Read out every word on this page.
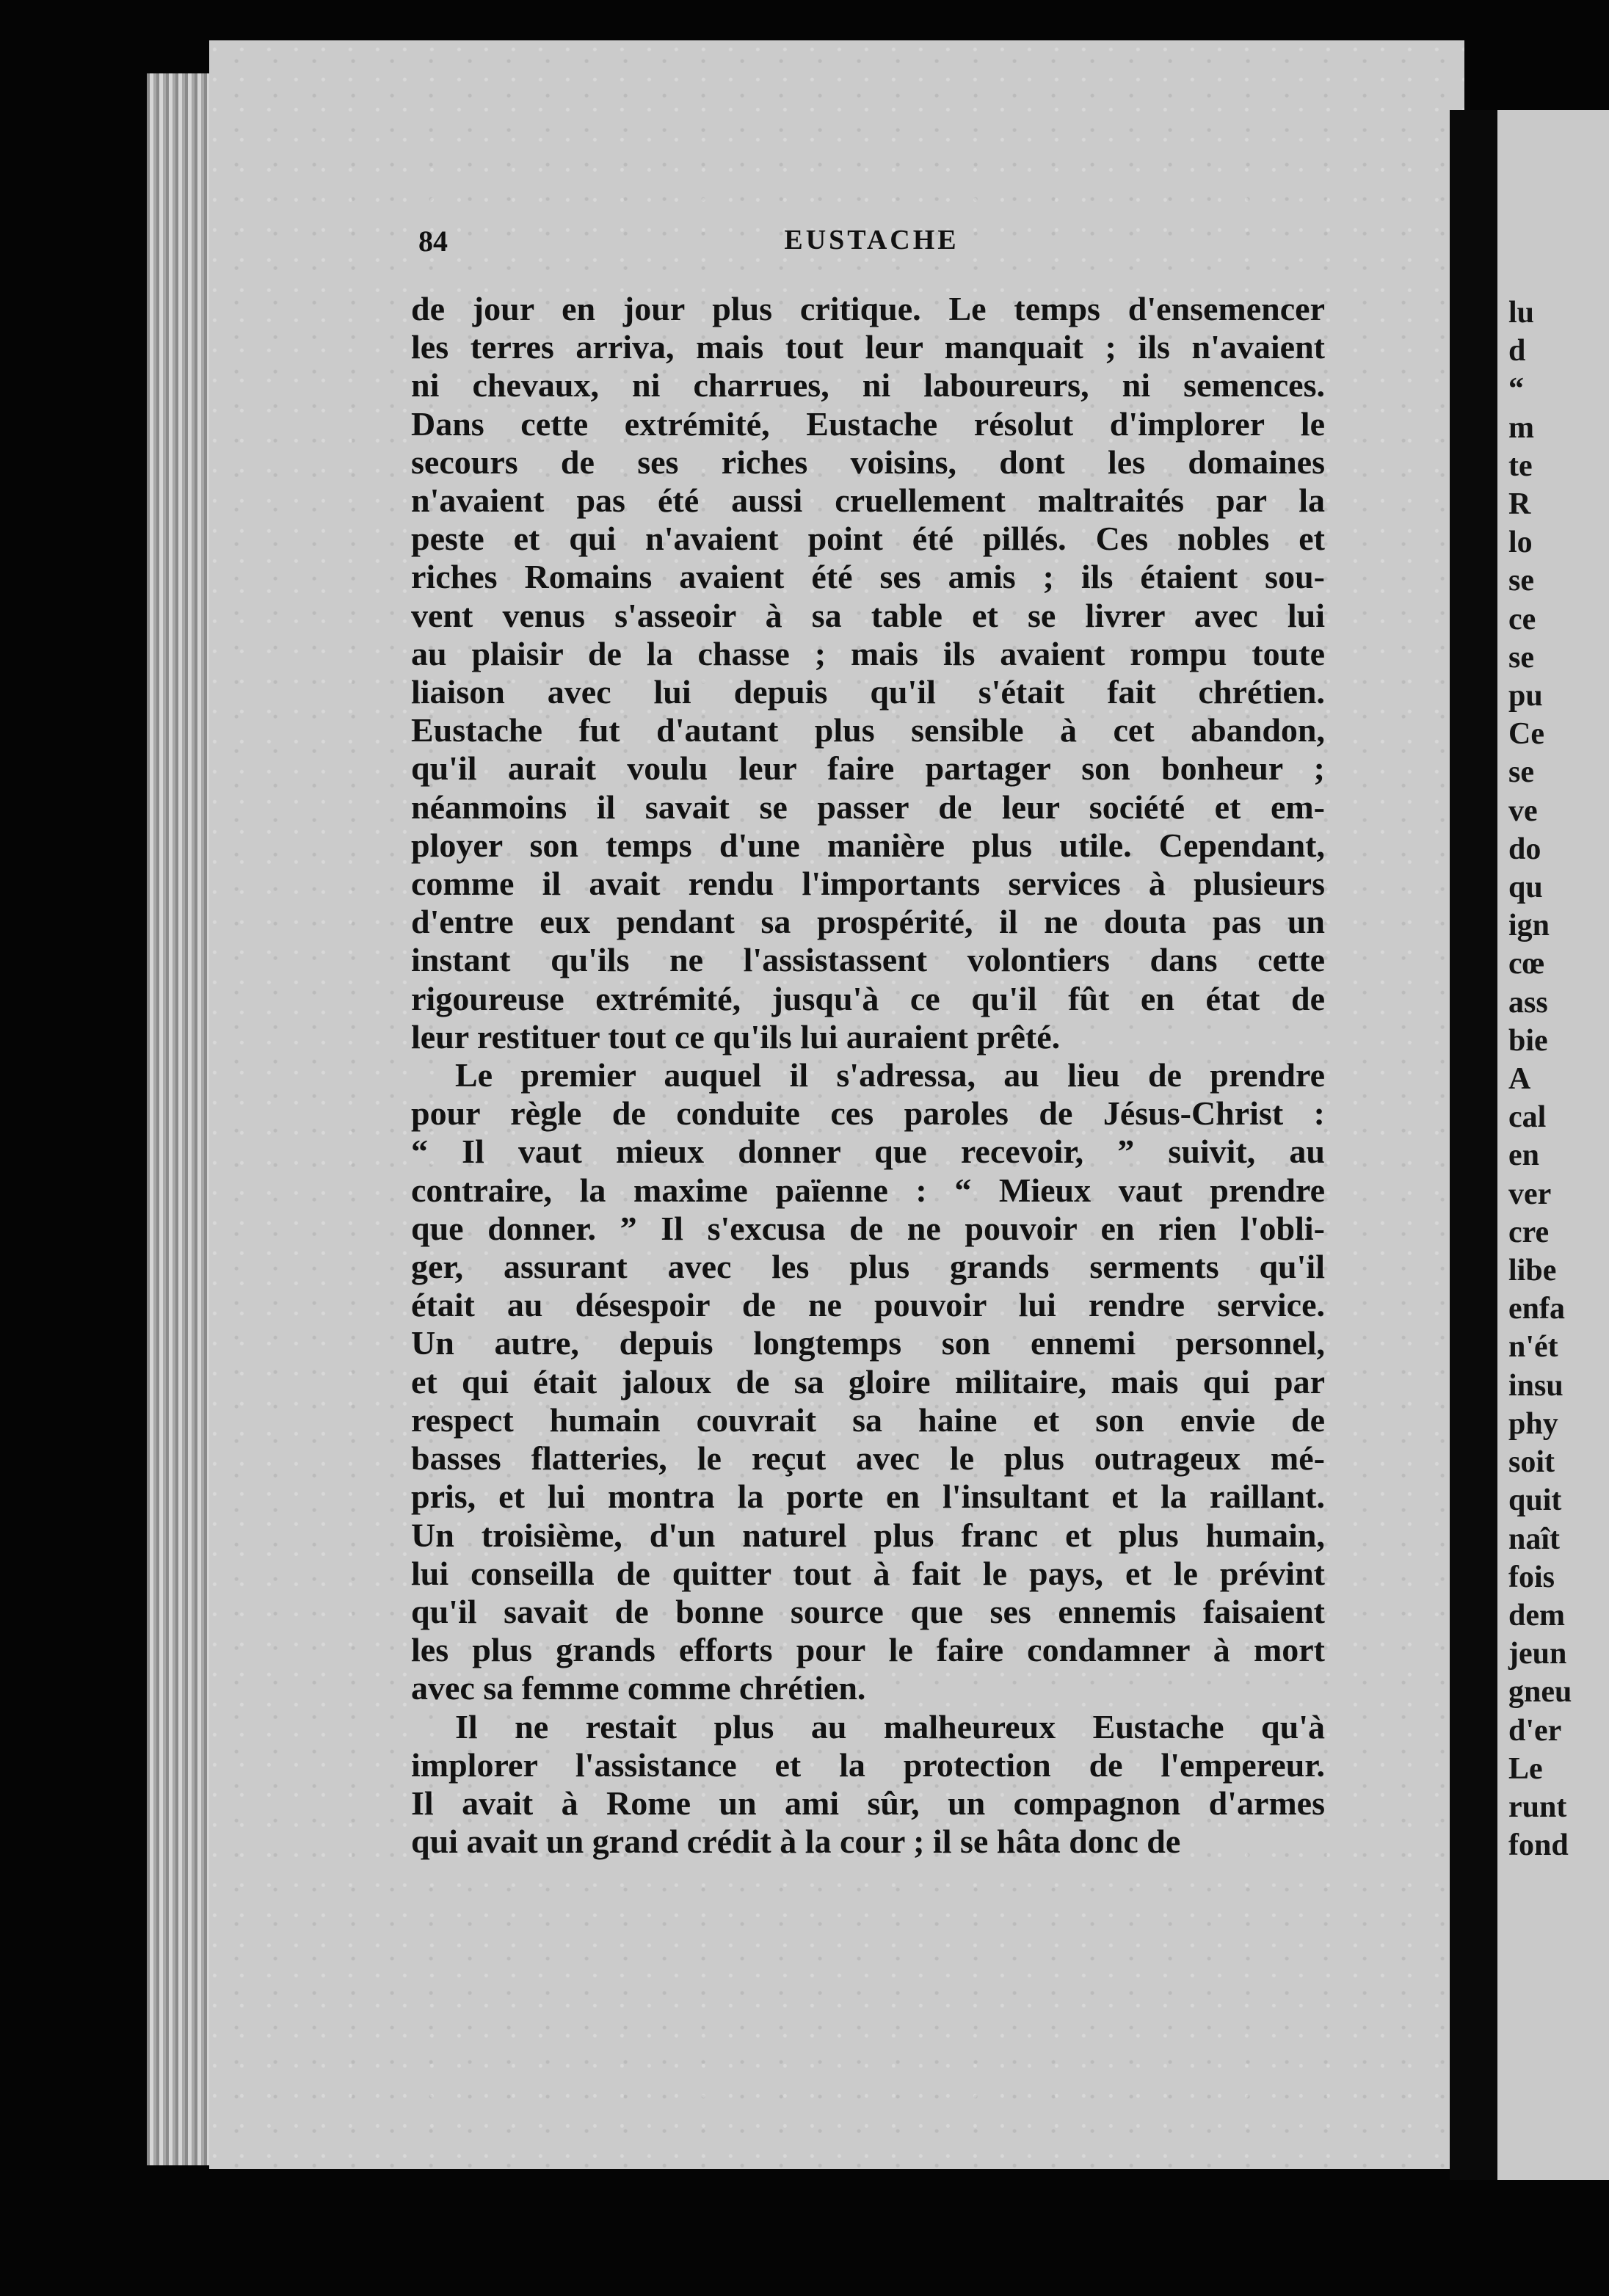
84	EUSTACHE
de jour en jour plus critique. Le temps d'ensemencer
les terres arriva, mais tout leur manquait ; ils n'avaient
ni chevaux, ni charrues, ni laboureurs, ni semences.
Dans cette extrémité, Eustache résolut d'implorer le
secours de ses riches voisins, dont les domaines
n'avaient pas été aussi cruellement maltraités par la
peste et qui n'avaient point été pillés. Ces nobles et
riches Romains avaient été ses amis ; ils étaient sou-
vent venus s'asseoir à sa table et se livrer avec lui
au plaisir de la chasse ; mais ils avaient rompu toute
liaison avec lui depuis qu'il s'était fait chrétien.
Eustache fut d'autant plus sensible à cet abandon,
qu'il aurait voulu leur faire partager son bonheur ;
néanmoins il savait se passer de leur société et em-
ployer son temps d'une manière plus utile. Cependant,
comme il avait rendu l'importants services à plusieurs
d'entre eux pendant sa prospérité, il ne douta pas un
instant qu'ils ne l'assistassent volontiers dans cette
rigoureuse extrémité, jusqu'à ce qu'il fût en état de
leur restituer tout ce qu'ils lui auraient prêté.
Le premier auquel il s'adressa, au lieu de prendre
pour règle de conduite ces paroles de Jésus-Christ :
“ Il vaut mieux donner que recevoir, ” suivit, au
contraire, la maxime païenne : “ Mieux vaut prendre
que donner. ” Il s'excusa de ne pouvoir en rien l'obli-
ger, assurant avec les plus grands serments qu'il
était au désespoir de ne pouvoir lui rendre service.
Un autre, depuis longtemps son ennemi personnel,
et qui était jaloux de sa gloire militaire, mais qui par
respect humain couvrait sa haine et son envie de
basses flatteries, le reçut avec le plus outrageux mé-
pris, et lui montra la porte en l'insultant et la raillant.
Un troisième, d'un naturel plus franc et plus humain,
lui conseilla de quitter tout à fait le pays, et le prévint
qu'il savait de bonne source que ses ennemis faisaient
les plus grands efforts pour le faire condamner à mort
avec sa femme comme chrétien.
Il ne restait plus au malheureux Eustache qu'à
implorer l'assistance et la protection de l'empereur.
Il avait à Rome un ami sûr, un compagnon d'armes
qui avait un grand crédit à la cour ; il se hâta donc de
lu
d
“
m
te
R
lo
se
ce
se
pu
Ce
se
ve
do
qu
ign
cœ
ass
bie
A
cal
en
ver
cre
libe
enfa
n'ét
insu
phy
soit
quit
naît
fois
dem
jeun
gneu
d'er
Le
runt
fond
